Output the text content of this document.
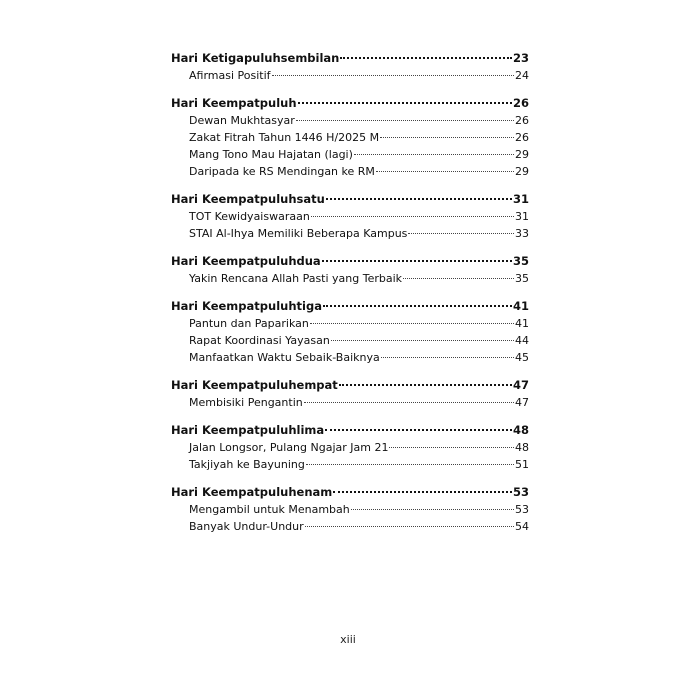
Hari Ketigapuluhsembilan	23
Afirmasi Positif	24
Hari Keempatpuluh	26
Dewan Mukhtasyar	26
Zakat Fitrah Tahun 1446 H/2025 M	26
Mang Tono Mau Hajatan (lagi)	29
Daripada ke RS Mendingan ke RM	29
Hari Keempatpuluhsatu	31
TOT Kewidyaiswaraan	31
STAI Al-Ihya Memiliki Beberapa Kampus	33
Hari Keempatpuluhdua	35
Yakin Rencana Allah Pasti yang Terbaik	35
Hari Keempatpuluhtiga	41
Pantun dan Paparikan	41
Rapat Koordinasi Yayasan	44
Manfaatkan Waktu Sebaik-Baiknya	45
Hari Keempatpuluhempat	47
Membisiki Pengantin	47
Hari Keempatpuluhlima	48
Jalan Longsor, Pulang Ngajar Jam 21	48
Takjiyah ke Bayuning	51
Hari Keempatpuluhenam	53
Mengambil untuk Menambah	53
Banyak Undur-Undur	54
xiii
